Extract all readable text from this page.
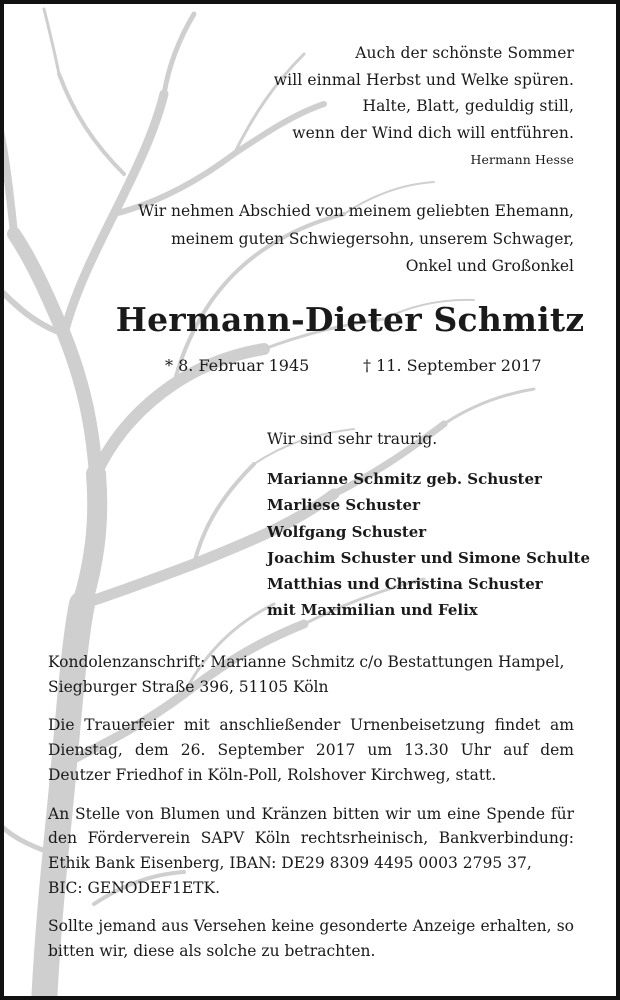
Auch der schönste Sommer
will einmal Herbst und Welke spüren.
Halte, Blatt, geduldig still,
wenn der Wind dich will entführen.
Hermann Hesse
Wir nehmen Abschied von meinem geliebten Ehemann,
meinem guten Schwiegersohn, unserem Schwager,
Onkel und Großonkel
Hermann-Dieter Schmitz
* 8. Februar 1945	† 11. September 2017
Wir sind sehr traurig.
Marianne Schmitz geb. Schuster
Marliese Schuster
Wolfgang Schuster
Joachim Schuster und Simone Schulte
Matthias und Christina Schuster
mit Maximilian und Felix

Kondolenzanschrift: Marianne Schmitz c/o Bestattungen Hampel,
Siegburger Straße 396, 51105 Köln

Die Trauerfeier mit anschließender Urnenbeisetzung findet am Dienstag, dem 26. September 2017 um 13.30 Uhr auf dem Deutzer Friedhof in Köln-Poll, Rolshover Kirchweg, statt.

An Stelle von Blumen und Kränzen bitten wir um eine Spende für den Förderverein SAPV Köln rechtsrheinisch, Bankverbindung: Ethik Bank Eisenberg, IBAN: DE29 8309 4495 0003 2795 37,
BIC: GENODEF1ETK.

Sollte jemand aus Versehen keine gesonderte Anzeige erhalten, so bitten wir, diese als solche zu betrachten.
